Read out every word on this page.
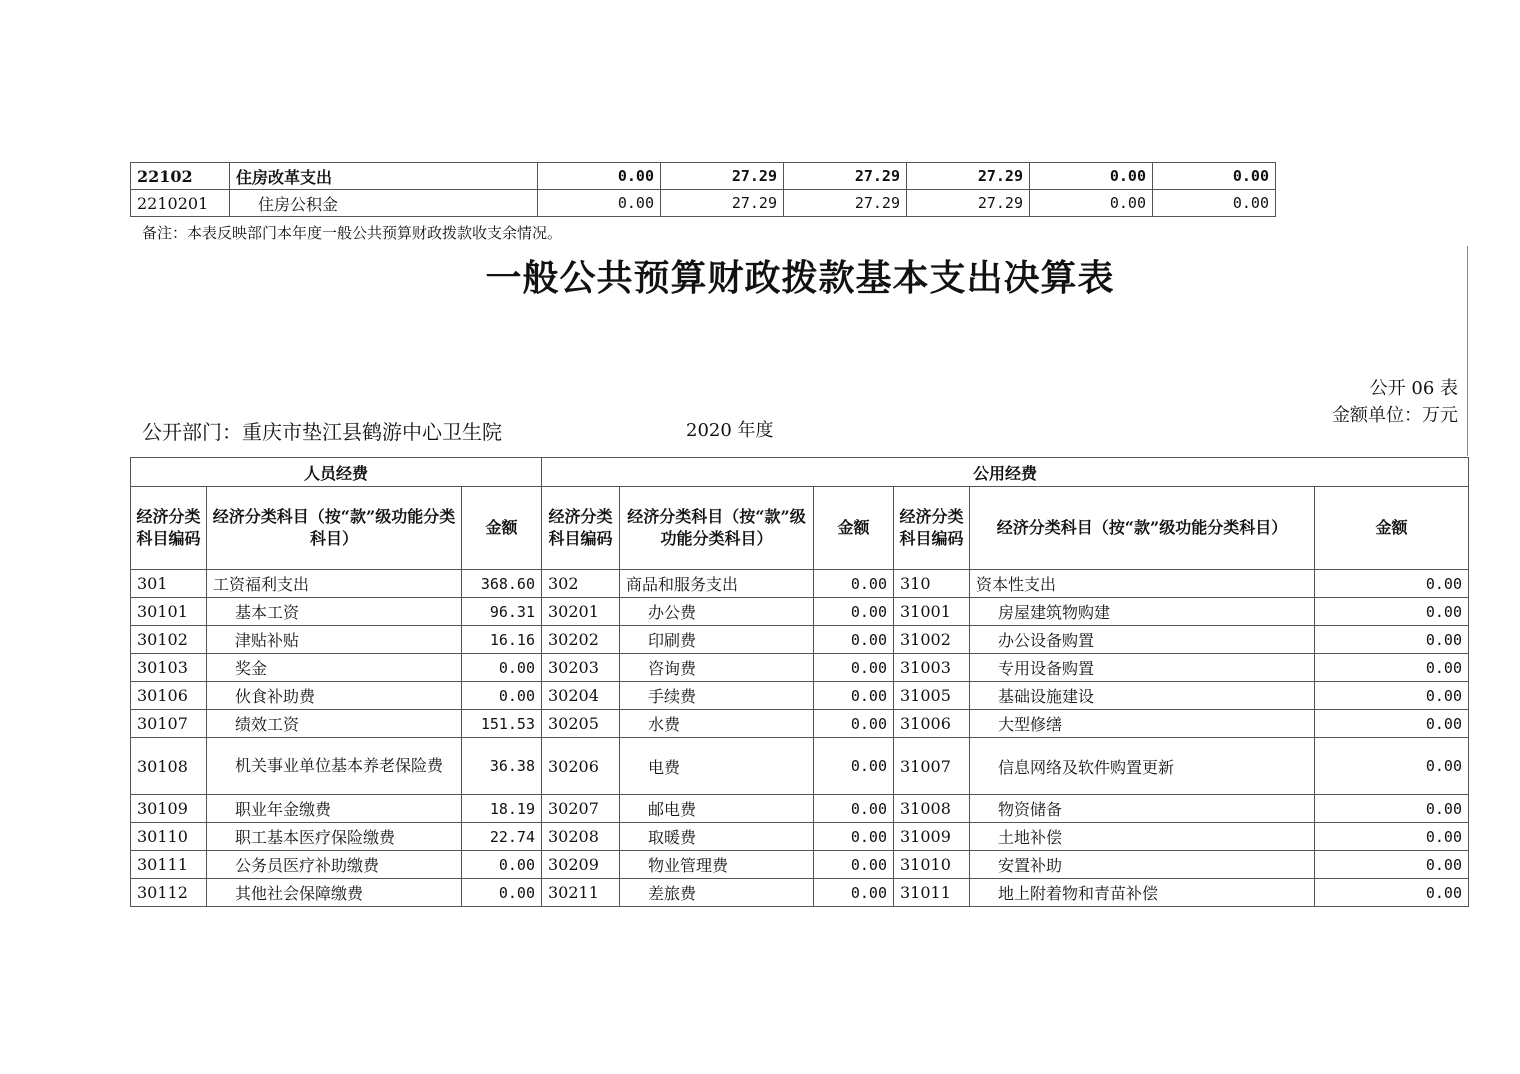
22102	住房改革支出	0.00	27.29	27.29	27.29	0.00	0.00
2210201	住房公积金	0.00	27.29	27.29	27.29	0.00	0.00
备注：本表反映部门本年度一般公共预算财政拨款收支余情况。
一般公共预算财政拨款基本支出决算表
公开 06 表
金额单位：万元
公开部门：重庆市垫江县鹤游中心卫生院	2020 年度
人员经费			公用经费					
经济分类科目编码	经济分类科目（按“款”级功能分类科目）	金额	经济分类科目编码	经济分类科目（按“款”级功能分类科目）	金额	经济分类科目编码	经济分类科目（按“款”级功能分类科目）	金额
301	工资福利支出	368.60	302	商品和服务支出	0.00	310	资本性支出	0.00
30101	基本工资	96.31	30201	办公费	0.00	31001	房屋建筑物购建	0.00
30102	津贴补贴	16.16	30202	印刷费	0.00	31002	办公设备购置	0.00
30103	奖金	0.00	30203	咨询费	0.00	31003	专用设备购置	0.00
30106	伙食补助费	0.00	30204	手续费	0.00	31005	基础设施建设	0.00
30107	绩效工资	151.53	30205	水费	0.00	31006	大型修缮	0.00
30108	机关事业单位基本养老保险费	36.38	30206	电费	0.00	31007	信息网络及软件购置更新	0.00
30109	职业年金缴费	18.19	30207	邮电费	0.00	31008	物资储备	0.00
30110	职工基本医疗保险缴费	22.74	30208	取暖费	0.00	31009	土地补偿	0.00
30111	公务员医疗补助缴费	0.00	30209	物业管理费	0.00	31010	安置补助	0.00
30112	其他社会保障缴费	0.00	30211	差旅费	0.00	31011	地上附着物和青苗补偿	0.00
